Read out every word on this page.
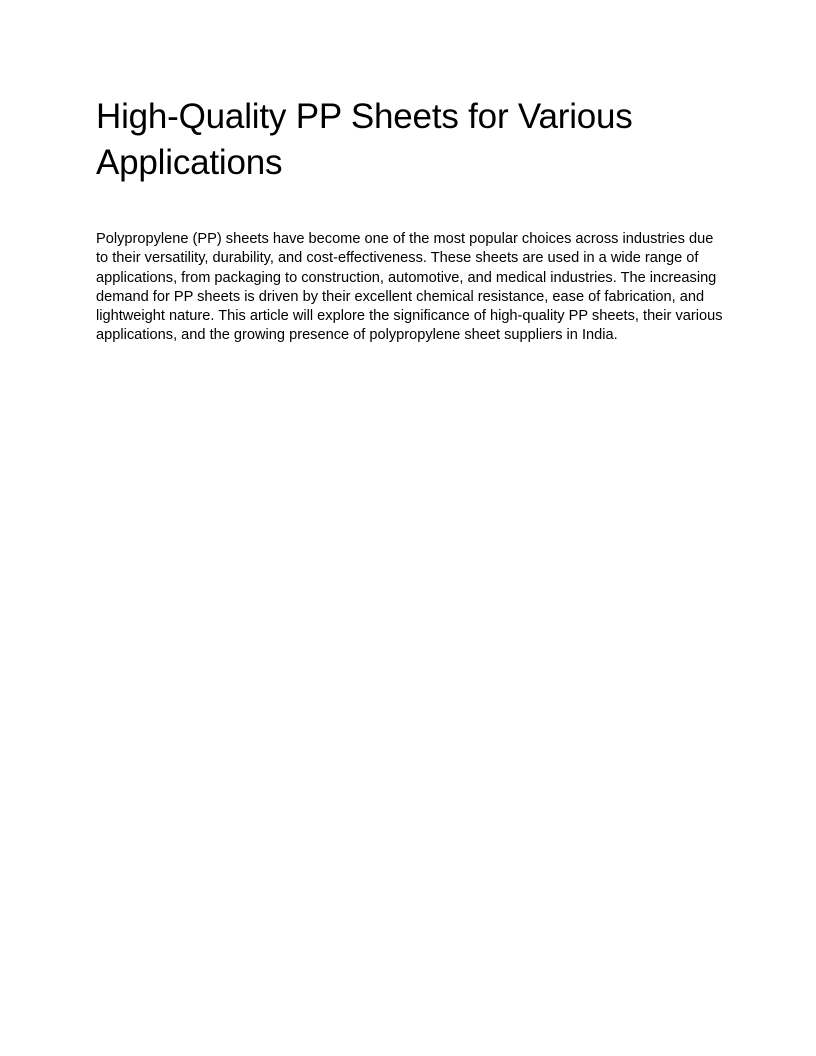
High-Quality PP Sheets for Various Applications

Polypropylene (PP) sheets have become one of the most popular choices across industries due to their versatility, durability, and cost-effectiveness. These sheets are used in a wide range of applications, from packaging to construction, automotive, and medical industries. The increasing demand for PP sheets is driven by their excellent chemical resistance, ease of fabrication, and lightweight nature. This article will explore the significance of high-quality PP sheets, their various applications, and the growing presence of polypropylene sheet suppliers in India.
